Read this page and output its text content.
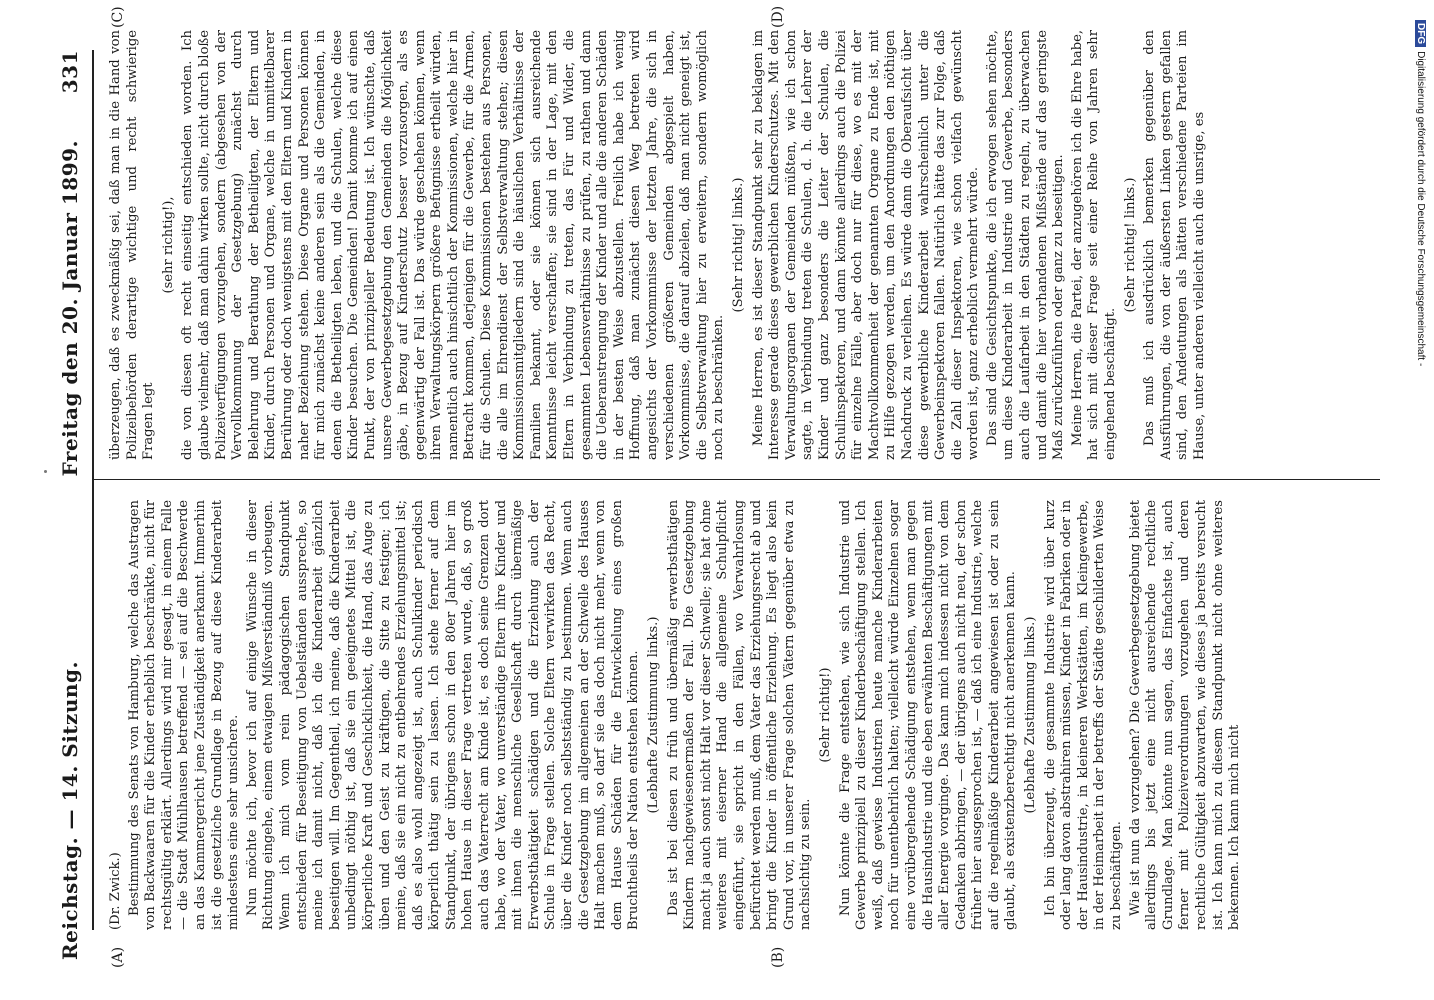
Reichstag. — 14. Sitzung.
Freitag den 20. Januar 1899.
331
(A)	(B)
(C)	(D)

(Dr. Zwick.) Bestimmung des Senats von Hamburg, welche das Austragen von Backwaaren für die Kinder erheblich beschränkte, nicht für rechtsgültig erklärt. Allerdings wird mir gesagt, in einem Falle — die Stadt Mühlhausen betreffend — sei auf die Beschwerde an das Kammergericht jene Zuständigkeit anerkannt. Immerhin ist die gesetzliche Grundlage in Bezug auf diese Kinderarbeit mindestens eine sehr unsichere. Nun möchte ich, bevor ich auf einige Wünsche in dieser Richtung eingehe, einem etwaigen Mißverständniß vorbeugen. Wenn ich mich vom rein pädagogischen Standpunkt entschieden für Beseitigung von Uebelständen ausspreche, so meine ich damit nicht, daß ich die Kinderarbeit gänzlich beseitigen will. Im Gegentheil, ich meine, daß die Kinderarbeit unbedingt nöthig ist, daß sie ein geeignetes Mittel ist, die körperliche Kraft und Geschicklichkeit, die Hand, das Auge zu üben und den Geist zu kräftigen, die Sitte zu festigen; ich meine, daß sie ein nicht zu entbehrendes Erziehungsmittel ist; daß es also wohl angezeigt ist, auch Schulkinder periodisch körperlich thätig sein zu lassen. Ich stehe ferner auf dem Standpunkt, der übrigens schon in den 80er Jahren hier im hohen Hause in dieser Frage vertreten wurde, daß, so groß auch das Vaterrecht am Kinde ist, es doch seine Grenzen dort habe, wo der Vater, wo unverständige Eltern ihre Kinder und mit ihnen die menschliche Gesellschaft durch übermäßige Erwerbsthätigkeit schädigen und die Erziehung auch der Schule in Frage stellen. Solche Eltern verwirken das Recht, über die Kinder noch selbstständig zu bestimmen. Wenn auch die Gesetzgebung im allgemeinen an der Schwelle des Hauses Halt machen muß, so darf sie das doch nicht mehr, wenn von dem Hause Schäden für die Entwickelung eines großen Bruchtheils der Nation entstehen können. (Lebhafte Zustimmung links.) Das ist bei diesen zu früh und übermäßig erwerbsthätigen Kindern nachgewiesenermaßen der Fall. Die Gesetzgebung macht ja auch sonst nicht Halt vor dieser Schwelle; sie hat ohne weiteres mit eiserner Hand die allgemeine Schulpflicht eingeführt, sie spricht in den Fällen, wo Verwahrlosung befürchtet werden muß, dem Vater das Erziehungsrecht ab und bringt die Kinder in öffentliche Erziehung. Es liegt also kein Grund vor, in unserer Frage solchen Vätern gegenüber etwa zu nachsichtig zu sein.

(Sehr richtig!) Nun könnte die Frage entstehen, wie sich Industrie und Gewerbe prinzipiell zu dieser Kinderbeschäftigung stellen. Ich weiß, daß gewisse Industrien heute manche Kinderarbeiten noch für unentbehrlich halten; vielleicht würde Einzelnen sogar eine vorübergehende Schädigung entstehen, wenn man gegen die Hausindustrie und die eben erwähnten Beschäftigungen mit aller Energie vorginge. Das kann mich indessen nicht von dem Gedanken abbringen, — der übrigens auch nicht neu, der schon früher hier ausgesprochen ist, — daß ich eine Industrie, welche auf die regelmäßige Kinderarbeit angewiesen ist oder zu sein glaubt, als existenzberechtigt nicht anerkennen kann. (Lebhafte Zustimmung links.) Ich bin überzeugt, die gesammte Industrie wird über kurz oder lang davon abstrahiren müssen, Kinder in Fabriken oder in der Hausindustrie, in kleineren Werkstätten, im Kleingewerbe, in der Heimarbeit in der betreffs der Städte geschilderten Weise zu beschäftigen. Wie ist nun da vorzugehen? Die Gewerbegesetzgebung bietet allerdings bis jetzt eine nicht ausreichende rechtliche Grundlage. Man könnte nun sagen, das Einfachste ist, auch ferner mit Polizeiverordnungen vorzugehen und deren rechtliche Gültigkeit abzuwarten, wie dieses ja bereits versucht ist. Ich kann mich zu diesem Standpunkt nicht ohne weiteres bekennen. Ich kann mich nicht

überzeugen, daß es zweckmäßig sei, daß man in die Hand von Polizeibehörden derartige wichtige und recht schwierige Fragen legt

(sehr richtig!), die von diesen oft recht einseitig entschieden worden. Ich glaube vielmehr, daß man dahin wirken sollte, nicht durch bloße Polizeiverfügungen vorzugehen, sondern (abgesehen von der Vervollkommnung der Gesetzgebung) zunächst durch Belehrung und Berathung der Betheiligten, der Eltern und Kinder, durch Personen und Organe, welche in unmittelbarer Berührung oder doch wenigstens mit den Eltern und Kindern in naher Beziehung stehen. Diese Organe und Personen können für mich zunächst keine anderen sein als die Gemeinden, in denen die Betheiligten leben, und die Schulen, welche diese Kinder besuchen. Die Gemeinden! Damit komme ich auf einen Punkt, der von prinzipieller Bedeutung ist. Ich wünschte, daß unsere Gewerbegesetzgebung den Gemeinden die Möglichkeit gäbe, in Bezug auf Kinderschutz besser vorzusorgen, als es gegenwärtig der Fall ist. Das würde geschehen können, wenn ihren Verwaltungskörpern größere Befugnisse ertheilt würden, namentlich auch hinsichtlich der Kommissionen, welche hier in Betracht kommen, derjenigen für die Gewerbe, für die Armen, für die Schulen. Diese Kommissionen bestehen aus Personen, die alle im Ehrendienst der Selbstverwaltung stehen; diesen Kommissionsmitgliedern sind die häuslichen Verhältnisse der Familien bekannt, oder sie können sich ausreichende Kenntnisse leicht verschaffen; sie sind in der Lage, mit den Eltern in Verbindung zu treten, das Für und Wider, die gesammten Lebensverhältnisse zu prüfen, zu rathen und dann die Ueberanstrengung der Kinder und alle die anderen Schäden in der besten Weise abzustellen. Freilich habe ich wenig Hoffnung, daß man zunächst diesen Weg betreten wird angesichts der Vorkommnisse der letzten Jahre, die sich in verschiedenen größeren Gemeinden abgespielt haben, Vorkommnisse, die darauf abzielen, daß man nicht geneigt ist, die Selbstverwaltung hier zu erweitern, sondern womöglich noch zu beschränken.

(Sehr richtig! links.) Meine Herren, es ist dieser Standpunkt sehr zu beklagen im Interesse gerade dieses gewerblichen Kinderschutzes. Mit den Verwaltungsorganen der Gemeinden müßten, wie ich schon sagte, in Verbindung treten die Schulen, d. h. die Lehrer der Kinder und ganz besonders die Leiter der Schulen, die Schulinspektoren, und dann könnte allerdings auch die Polizei für einzelne Fälle, aber doch nur für diese, wo es mit der Machtvollkommenheit der genannten Organe zu Ende ist, mit zu Hilfe gezogen werden, um den Anordnungen den nöthigen Nachdruck zu verleihen. Es würde dann die Oberaufsicht über diese gewerbliche Kinderarbeit wahrscheinlich unter die Gewerbeinspektoren fallen. Natürlich hätte das zur Folge, daß die Zahl dieser Inspektoren, wie schon vielfach gewünscht worden ist, ganz erheblich vermehrt würde. Das sind die Gesichtspunkte, die ich erwogen sehen möchte, um diese Kinderarbeit in Industrie und Gewerbe, besonders auch die Laufarbeit in den Städten zu regeln, zu überwachen und damit die hier vorhandenen Mißstände auf das geringste Maß zurückzuführen oder ganz zu beseitigen. Meine Herren, die Partei, der anzugehören ich die Ehre habe, hat sich mit dieser Frage seit einer Reihe von Jahren sehr eingehend beschäftigt.

(Sehr richtig! links.) Das muß ich ausdrücklich bemerken gegenüber den Ausführungen, die von der äußersten Linken gestern gefallen sind, den Andeutungen als hätten verschiedene Parteien im Hause, unter anderen vielleicht auch die unsrige, es

DFGDigitalisierung gefördert durch die Deutsche Forschungsgemeinschaft -
